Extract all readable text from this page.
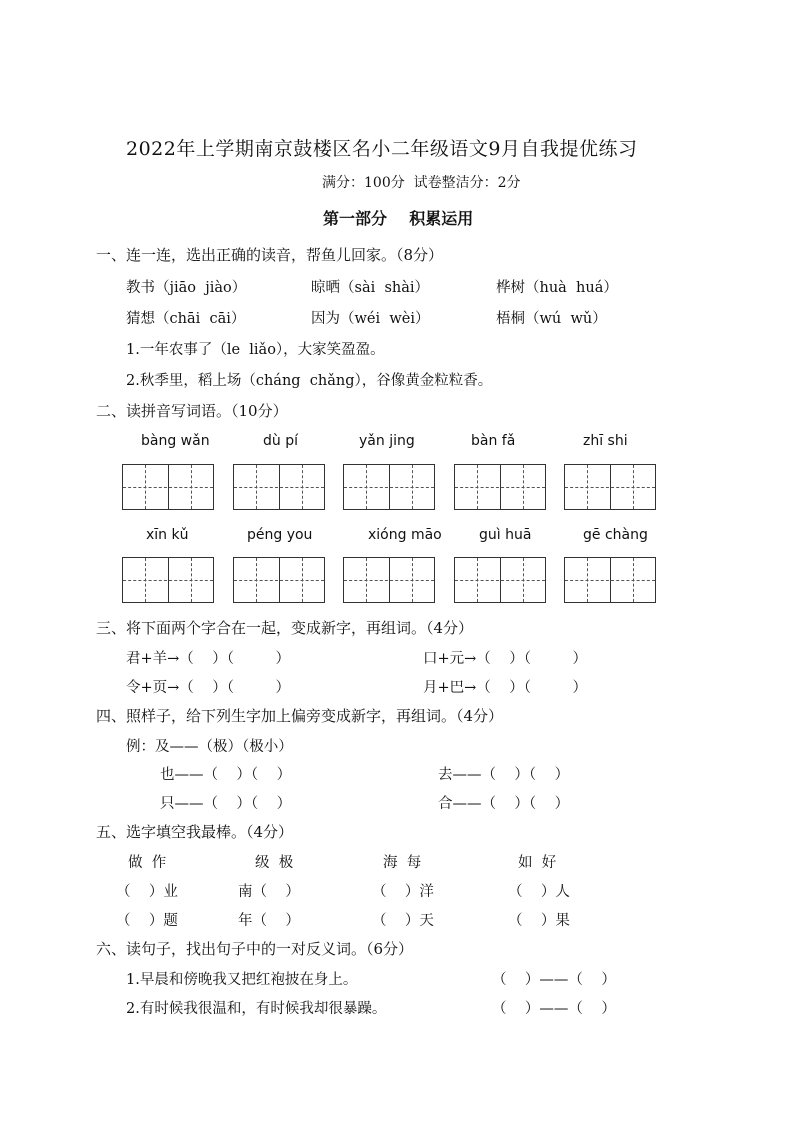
2022年上学期南京鼓楼区名小二年级语文9月自我提优练习
满分：100分  试卷整洁分：2分
第一部分    积累运用
一、连一连，选出正确的读音，帮鱼儿回家。（8分）
教书（jiāo  jiào）	晾晒（sài  shài）	桦树（huà  huá）
猜想（chāi  cāi）	因为（wéi  wèi）	梧桐（wú  wǔ）
1.一年农事了（le  liǎo），大家笑盈盈。
2.秋季里，稻上场（cháng  chǎng），谷像黄金粒粒香。
二、读拼音写词语。（10分）
bàng wǎn	dù pí	yǎn jing	bàn fǎ	zhī shi
xīn kǔ	péng you	xióng māo	guì huā	gē chàng
三、将下面两个字合在一起，变成新字，再组词。（4分）
君+羊→（    ）（         ）	口+元→（    ）（         ）
令+页→（    ）（         ）	月+巴→（    ）（         ）
四、照样子，给下列生字加上偏旁变成新字，再组词。（4分）
例：及——（极）（极小）
也——（    ）（    ）	去——（    ）（    ）
只——（    ）（    ）	合——（    ）（    ）
五、选字填空我最棒。（4分）
做  作	级  极	海  每	如  好
（    ）业	南（    ）	（    ）洋	（    ）人
（    ）题	年（    ）	（    ）天	（    ）果
六、读句子，找出句子中的一对反义词。（6分）
1.早晨和傍晚我又把红袍披在身上。	（    ）——（    ）
2.有时候我很温和，有时候我却很暴躁。	（    ）——（    ）
